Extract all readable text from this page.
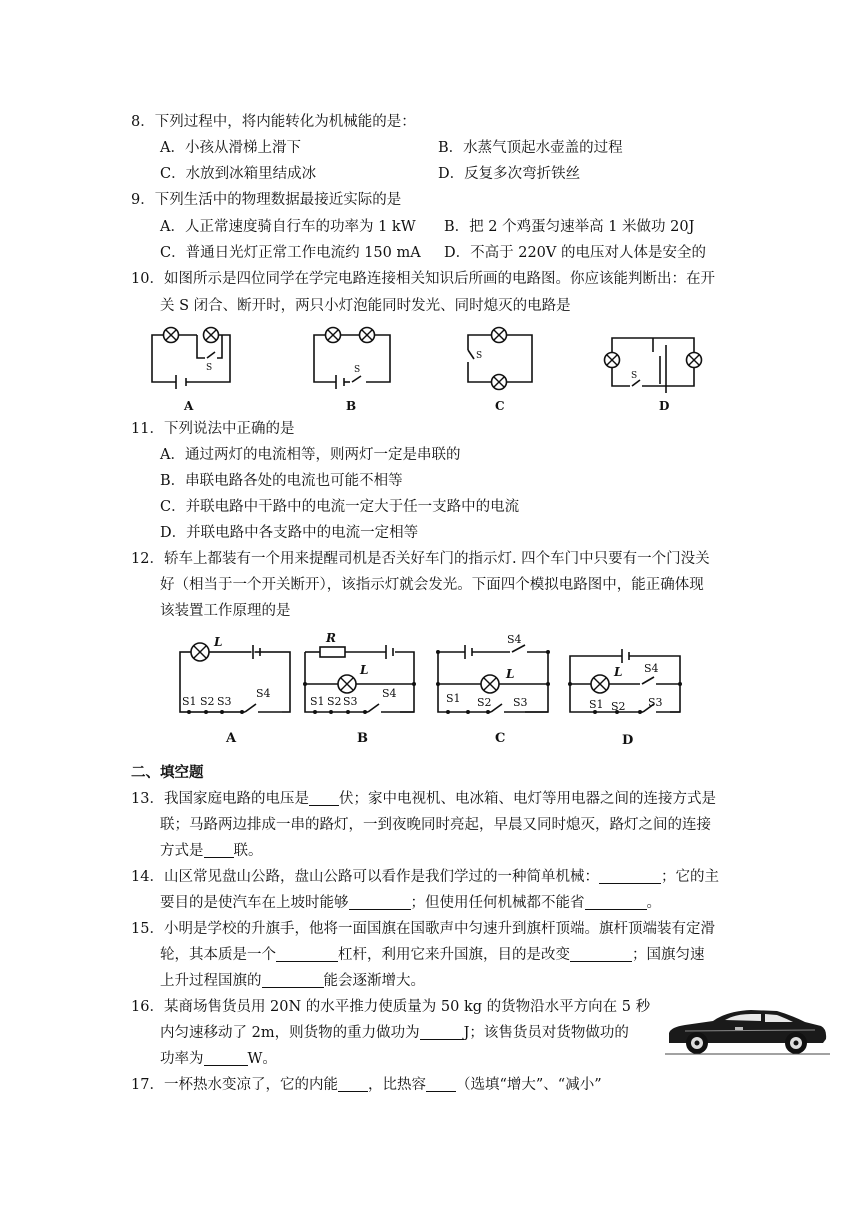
8．下列过程中，将内能转化为机械能的是：
A．小孩从滑梯上滑下	B．水蒸气顶起水壶盖的过程
C．水放到冰箱里结成冰	D．反复多次弯折铁丝
9．下列生活中的物理数据最接近实际的是
A．人正常速度骑自行车的功率为 1 kW B．把 2 个鸡蛋匀速举高 1 米做功 20J
C．普通日光灯正常工作电流约 150 mA D．不高于 220V 的电压对人体是安全的
10．如图所示是四位同学在学完电路连接相关知识后所画的电路图。你应该能判断出：在开
关 S 闭合、断开时，两只小灯泡能同时发光、同时熄灭的电路是
S	S
S
S
A	B	C	D
11．下列说法中正确的是
A．通过两灯的电流相等，则两灯一定是串联的
B．串联电路各处的电流也可能不相等
C．并联电路中干路中的电流一定大于任一支路中的电流
D．并联电路中各支路中的电流一定相等
12．轿车上都装有一个用来提醒司机是否关好车门的指示灯. 四个车门中只要有一个门没关
好（相当于一个开关断开），该指示灯就会发光。下面四个模拟电路图中，能正确体现
该装置工作原理的是
L	R
L	L	L
S1 S2 S3
S4
S1 S2 S3
S4
S4
S1 S2 S3
S4
S1 S2 S3
A	B	C	D
二、填空题
13．我国家庭电路的电压是 伏；家中电视机、电冰箱、电灯等用电器之间的连接方式是
联；马路两边排成一串的路灯，一到夜晚同时亮起，早晨又同时熄灭，路灯之间的连接
方式是 联。
14．山区常见盘山公路，盘山公路可以看作是我们学过的一种简单机械：	；它的主
要目的是使汽车在上坡时能够	；但使用任何机械都不能省	。
15．小明是学校的升旗手，他将一面国旗在国歌声中匀速升到旗杆顶端。旗杆顶端装有定滑
轮，其本质是一个	杠杆，利用它来升国旗，目的是改变	；国旗匀速
上升过程国旗的	能会逐渐增大。
16．某商场售货员用 20N 的水平推力使质量为 50 kg 的货物沿水平方向在 5 秒
内匀速移动了 2m，则货物的重力做功为	J；该售货员对货物做功的
功率为	W。
17．一杯热水变凉了，它的内能 ，比热容 （选填“增大”、“减小”
